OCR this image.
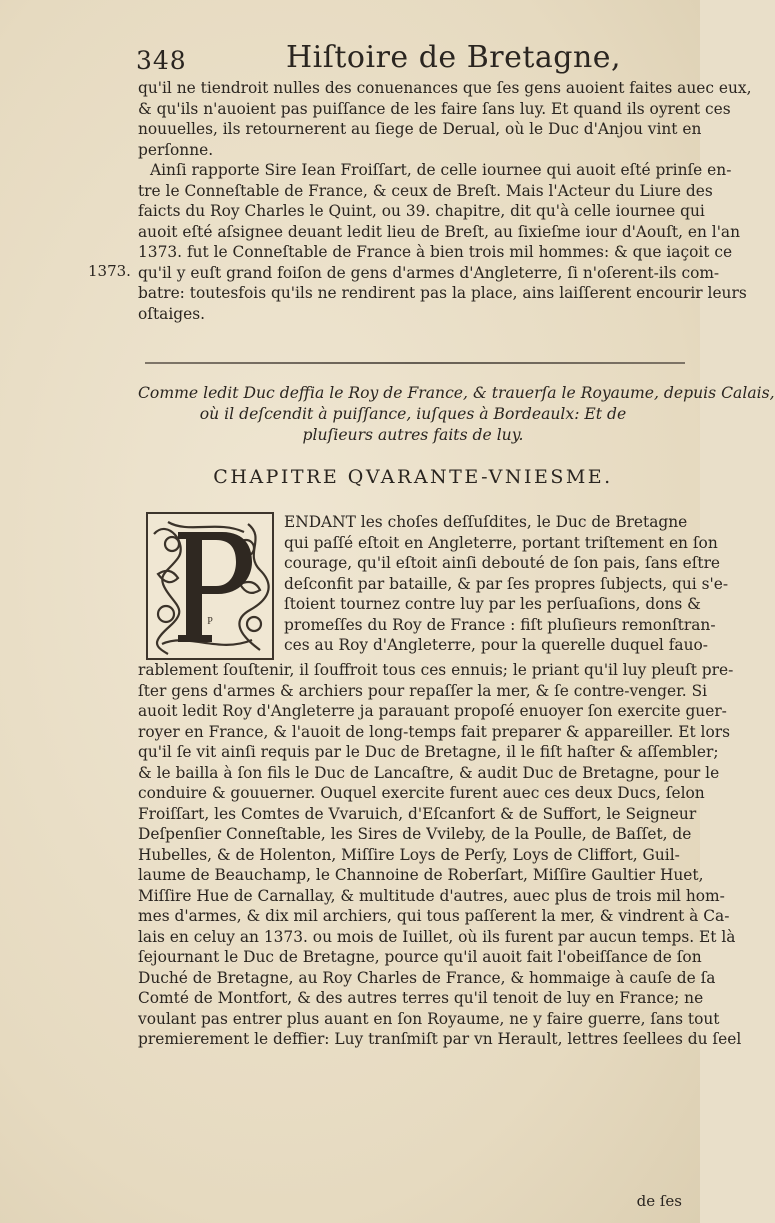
348	Hiſtoire de Bretagne,
qu'il ne tiendroit nulles des conuenances que ſes gens auoient faites auec eux,
& qu'ils n'auoient pas puiſſance de les faire ſans luy. Et quand ils oyrent ces
nouuelles, ils retournerent au ſiege de Derual, où le Duc d'Anjou vint en
perſonne.
Ainſi rapporte Sire Iean Froiſſart, de celle iournee qui auoit eſté prinſe en-
tre le Conneſtable de France, & ceux de Breſt. Mais l'Acteur du Liure des
faicts du Roy Charles le Quint, ou 39. chapitre, dit qu'à celle iournee qui
auoit eſté aſsignee deuant ledit lieu de Breſt, au ſixieſme iour d'Aouſt, en l'an
1373. fut le Conneſtable de France à bien trois mil hommes: & que iaçoit ce
qu'il y euſt grand foiſon de gens d'armes d'Angleterre, ſi n'oſerent-ils com-
batre: toutesfois qu'ils ne rendirent pas la place, ains laiſſerent encourir leurs
oſtaiges.
1373.
Comme ledit Duc deffia le Roy de France, & trauerſa le Royaume, depuis Calais,
où il deſcendit à puiſſance, iuſques à Bordeaulx: Et de
pluſieurs autres faits de luy.
CHAPITRE QVARANTE-VNIESME.
P
ENDANT les choſes deſſuſdites, le Duc de Bretagne
qui paſſé eſtoit en Angleterre, portant triſtement en ſon
courage, qu'il eſtoit ainſi debouté de ſon pais, ſans eſtre
deſconfit par bataille, & par ſes propres ſubjects, qui s'e-
ſtoient tournez contre luy par les perſuaſions, dons &
promeſſes du Roy de France : fiſt pluſieurs remonſtran-
ces au Roy d'Angleterre, pour la querelle duquel fauo-
rablement ſouſtenir, il ſouffroit tous ces ennuis; le priant qu'il luy pleuſt pre-
ſter gens d'armes & archiers pour repaſſer la mer, & ſe contre-venger. Si
auoit ledit Roy d'Angleterre ja parauant propoſé enuoyer ſon exercite guer-
royer en France, & l'auoit de long-temps fait preparer & appareiller. Et lors
qu'il ſe vit ainſi requis par le Duc de Bretagne, il le fiſt haſter & aſſembler;
& le bailla à ſon fils le Duc de Lancaſtre, & audit Duc de Bretagne, pour le
conduire & gouuerner. Ouquel exercite furent auec ces deux Ducs, ſelon
Froiſſart, les Comtes de Vvaruich, d'Eſcanfort & de Suffort, le Seigneur
Deſpenſier Conneſtable, les Sires de Vvileby, de la Poulle, de Baſſet, de
Hubelles, & de Holenton, Miſſire Loys de Perſy, Loys de Cliffort, Guil-
laume de Beauchamp, le Channoine de Roberſart, Miſſire Gaultier Huet,
Miſſire Hue de Carnallay, & multitude d'autres, auec plus de trois mil hom-
mes d'armes, & dix mil archiers, qui tous paſſerent la mer, & vindrent à Ca-
lais en celuy an 1373. ou mois de Iuillet, où ils furent par aucun temps. Et là
ſejournant le Duc de Bretagne, pource qu'il auoit fait l'obeiſſance de ſon
Duché de Bretagne, au Roy Charles de France, & hommaige à cauſe de ſa
Comté de Montfort, & des autres terres qu'il tenoit de luy en France; ne
voulant pas entrer plus auant en ſon Royaume, ne y faire guerre, ſans tout
premierement le deffier: Luy tranſmiſt par vn Herault, lettres ſeellees du ſeel
de ſes
